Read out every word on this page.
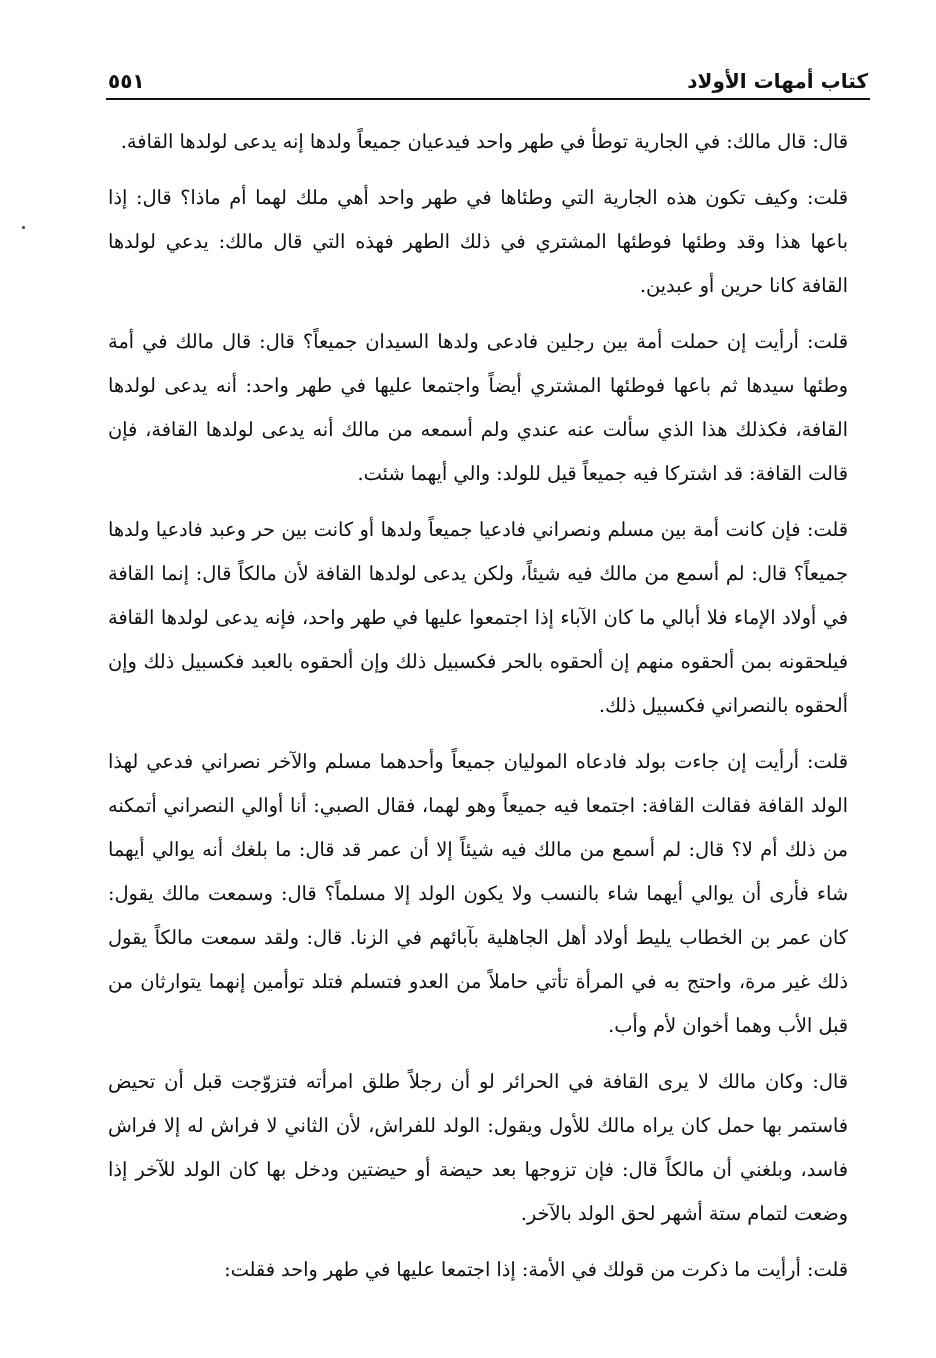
كتاب أمهات الأولاد
٥٥١

قال: قال مالك: في الجارية توطأ في طهر واحد فيدعيان جميعاً ولدها إنه يدعى لولدها القافة.

قلت: وكيف تكون هذه الجارية التي وطئاها في طهر واحد أهي ملك لهما أم ماذا؟ قال: إذا باعها هذا وقد وطئها فوطئها المشتري في ذلك الطهر فهذه التي قال مالك: يدعي لولدها القافة كانا حرين أو عبدين.

قلت: أرأيت إن حملت أمة بين رجلين فادعى ولدها السيدان جميعاً؟ قال: قال مالك في أمة وطئها سيدها ثم باعها فوطئها المشتري أيضاً واجتمعا عليها في طهر واحد: أنه يدعى لولدها القافة، فكذلك هذا الذي سألت عنه عندي ولم أسمعه من مالك أنه يدعى لولدها القافة، فإن قالت القافة: قد اشتركا فيه جميعاً قيل للولد: والي أيهما شئت.

قلت: فإن كانت أمة بين مسلم ونصراني فادعيا جميعاً ولدها أو كانت بين حر وعبد فادعيا ولدها جميعاً؟ قال: لم أسمع من مالك فيه شيئاً، ولكن يدعى لولدها القافة لأن مالكاً قال: إنما القافة في أولاد الإماء فلا أبالي ما كان الآباء إذا اجتمعوا عليها في طهر واحد، فإنه يدعى لولدها القافة فيلحقونه بمن ألحقوه منهم إن ألحقوه بالحر فكسبيل ذلك وإن ألحقوه بالعبد فكسبيل ذلك وإن ألحقوه بالنصراني فكسبيل ذلك.

قلت: أرأيت إن جاءت بولد فادعاه الموليان جميعاً وأحدهما مسلم والآخر نصراني فدعي لهذا الولد القافة فقالت القافة: اجتمعا فيه جميعاً وهو لهما، فقال الصبي: أنا أوالي النصراني أتمكنه من ذلك أم لا؟ قال: لم أسمع من مالك فيه شيئاً إلا أن عمر قد قال: ما بلغك أنه يوالي أيهما شاء فأرى أن يوالي أيهما شاء بالنسب ولا يكون الولد إلا مسلماً؟ قال: وسمعت مالك يقول: كان عمر بن الخطاب يليط أولاد أهل الجاهلية بآبائهم في الزنا. قال: ولقد سمعت مالكاً يقول ذلك غير مرة، واحتج به في المرأة تأتي حاملاً من العدو فتسلم فتلد توأمين إنهما يتوارثان من قبل الأب وهما أخوان لأم وأب.

قال: وكان مالك لا يرى القافة في الحرائر لو أن رجلاً طلق امرأته فتزوّجت قبل أن تحيض فاستمر بها حمل كان يراه مالك للأول ويقول: الولد للفراش، لأن الثاني لا فراش له إلا فراش فاسد، وبلغني أن مالكاً قال: فإن تزوجها بعد حيضة أو حيضتين ودخل بها كان الولد للآخر إذا وضعت لتمام ستة أشهر لحق الولد بالآخر.

قلت: أرأيت ما ذكرت من قولك في الأمة: إذا اجتمعا عليها في طهر واحد فقلت:
